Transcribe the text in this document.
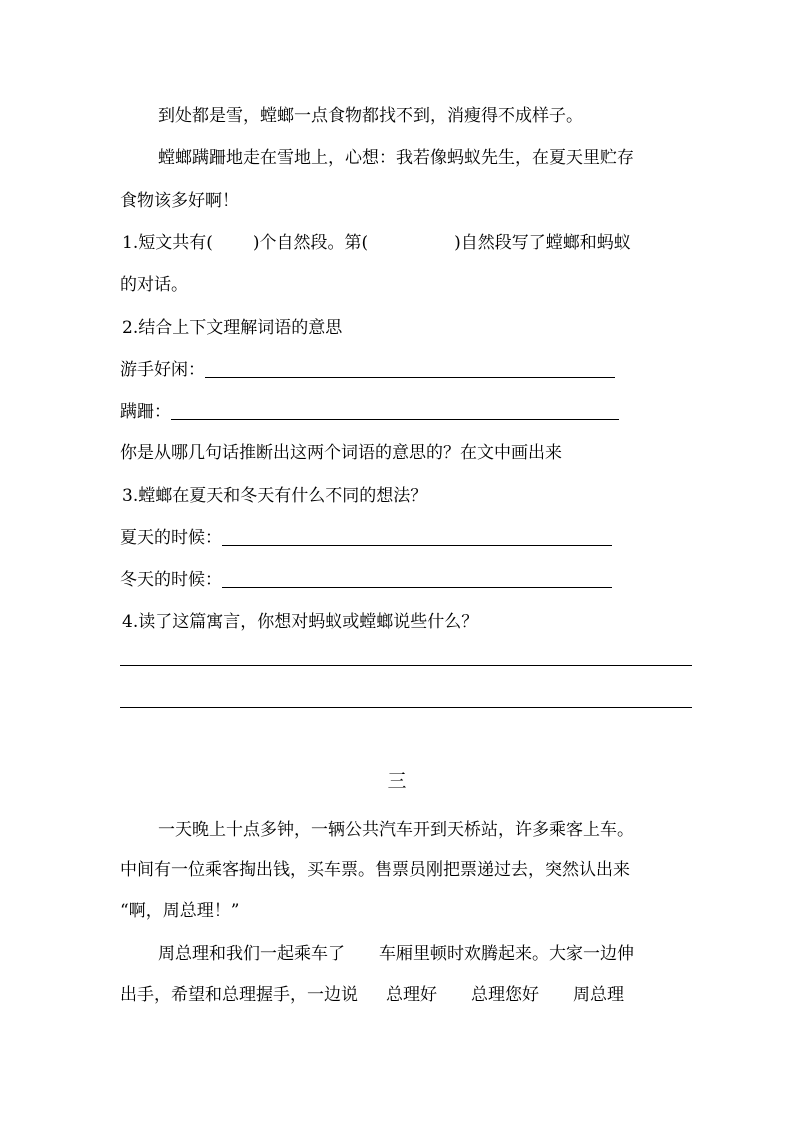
到处都是雪，螳螂一点食物都找不到，消瘦得不成样子。
螳螂蹒跚地走在雪地上，心想：我若像蚂蚁先生，在夏天里贮存
食物该多好啊！
1.短文共有( )个自然段。第(	)自然段写了螳螂和蚂蚁
的对话。
2.结合上下文理解词语的意思
游手好闲：
蹒跚：
你是从哪几句话推断出这两个词语的意思的？在文中画出来
3.螳螂在夏天和冬天有什么不同的想法？
夏天的时候：
冬天的时候：
4.读了这篇寓言，你想对蚂蚁或螳螂说些什么？
三
一天晚上十点多钟，一辆公共汽车开到天桥站，许多乘客上车。
中间有一位乘客掏出钱，买车票。售票员刚把票递过去，突然认出来
“啊，周总理！”
周总理和我们一起乘车了 车厢里顿时欢腾起来。大家一边伸
出手，希望和总理握手，一边说 总理好 总理您好 周总理
